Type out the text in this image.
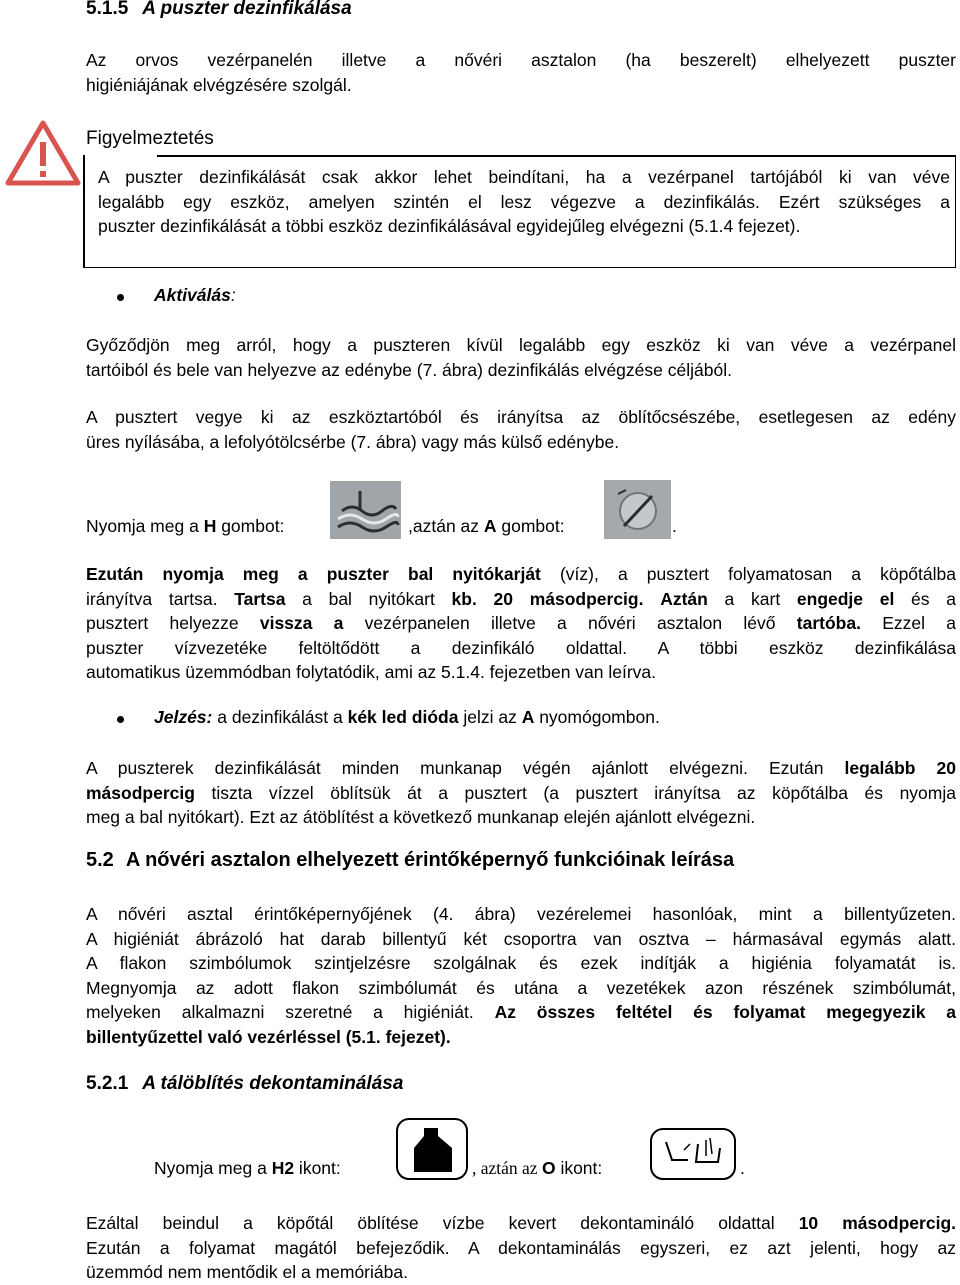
5.1.5 A puszter dezinfikálása
Az orvos vezérpanelén illetve a nővéri asztalon (ha beszerelt) elhelyezett puszter
higiéniájának elvégzésére szolgál.
Figyelmeztetés
A puszter dezinfikálását csak akkor lehet beindítani, ha a vezérpanel tartójából ki van véve
legalább egy eszköz, amelyen szintén el lesz végezve a dezinfikálás. Ezért szükséges a
puszter dezinfikálását a többi eszköz dezinfikálásával egyidejűleg elvégezni (5.1.4 fejezet).
Aktiválás:
Győződjön meg arról, hogy a puszteren kívül legalább egy eszköz ki van véve a vezérpanel
tartóiból és bele van helyezve az edénybe (7. ábra) dezinfikálás elvégzése céljából.
A pusztert vegye ki az eszköztartóból és irányítsa az öblítőcsészébe, esetlegesen az edény
üres nyílásába, a lefolyótölcsérbe (7. ábra) vagy más külső edénybe.
Nyomja meg a H gombot:	,aztán az A gombot:	.
Ezután nyomja meg a puszter bal nyitókarját (víz), a pusztert folyamatosan a köpőtálba
irányítva tartsa. Tartsa a bal nyitókart kb. 20 másodpercig. Aztán a kart engedje el és a
pusztert helyezze vissza a vezérpanelen illetve a nővéri asztalon lévő tartóba. Ezzel a
puszter vízvezetéke feltöltődött a dezinfikáló oldattal. A többi eszköz dezinfikálása
automatikus üzemmódban folytatódik, ami az 5.1.4. fejezetben van leírva.
Jelzés: a dezinfikálást a kék led dióda jelzi az A nyomógombon.
A puszterek dezinfikálását minden munkanap végén ajánlott elvégezni. Ezután legalább 20
másodpercig tiszta vízzel öblítsük át a pusztert (a pusztert irányítsa az köpőtálba és nyomja
meg a bal nyitókart). Ezt az átöblítést a következő munkanap elején ajánlott elvégezni.
5.2 A nővéri asztalon elhelyezett érintőképernyő funkcióinak leírása
A nővéri asztal érintőképernyőjének (4. ábra) vezérelemei hasonlóak, mint a billentyűzeten.
A higiéniát ábrázoló hat darab billentyű két csoportra van osztva – hármasával egymás alatt.
A flakon szimbólumok szintjelzésre szolgálnak és ezek indítják a higiénia folyamatát is.
Megnyomja az adott flakon szimbólumát és utána a vezetékek azon részének szimbólumát,
melyeken alkalmazni szeretné a higiéniát. Az összes feltétel és folyamat megegyezik a
billentyűzettel való vezérléssel (5.1. fejezet).
5.2.1 A tálöblítés dekontaminálása
Nyomja meg a H2 ikont:	, aztán az O ikont:	.
Ezáltal beindul a köpőtál öblítése vízbe kevert dekontamináló oldattal 10 másodpercig.
Ezután a folyamat magától befejeződik. A dekontaminálás egyszeri, ez azt jelenti, hogy az
üzemmód nem mentődik el a memóriába.
